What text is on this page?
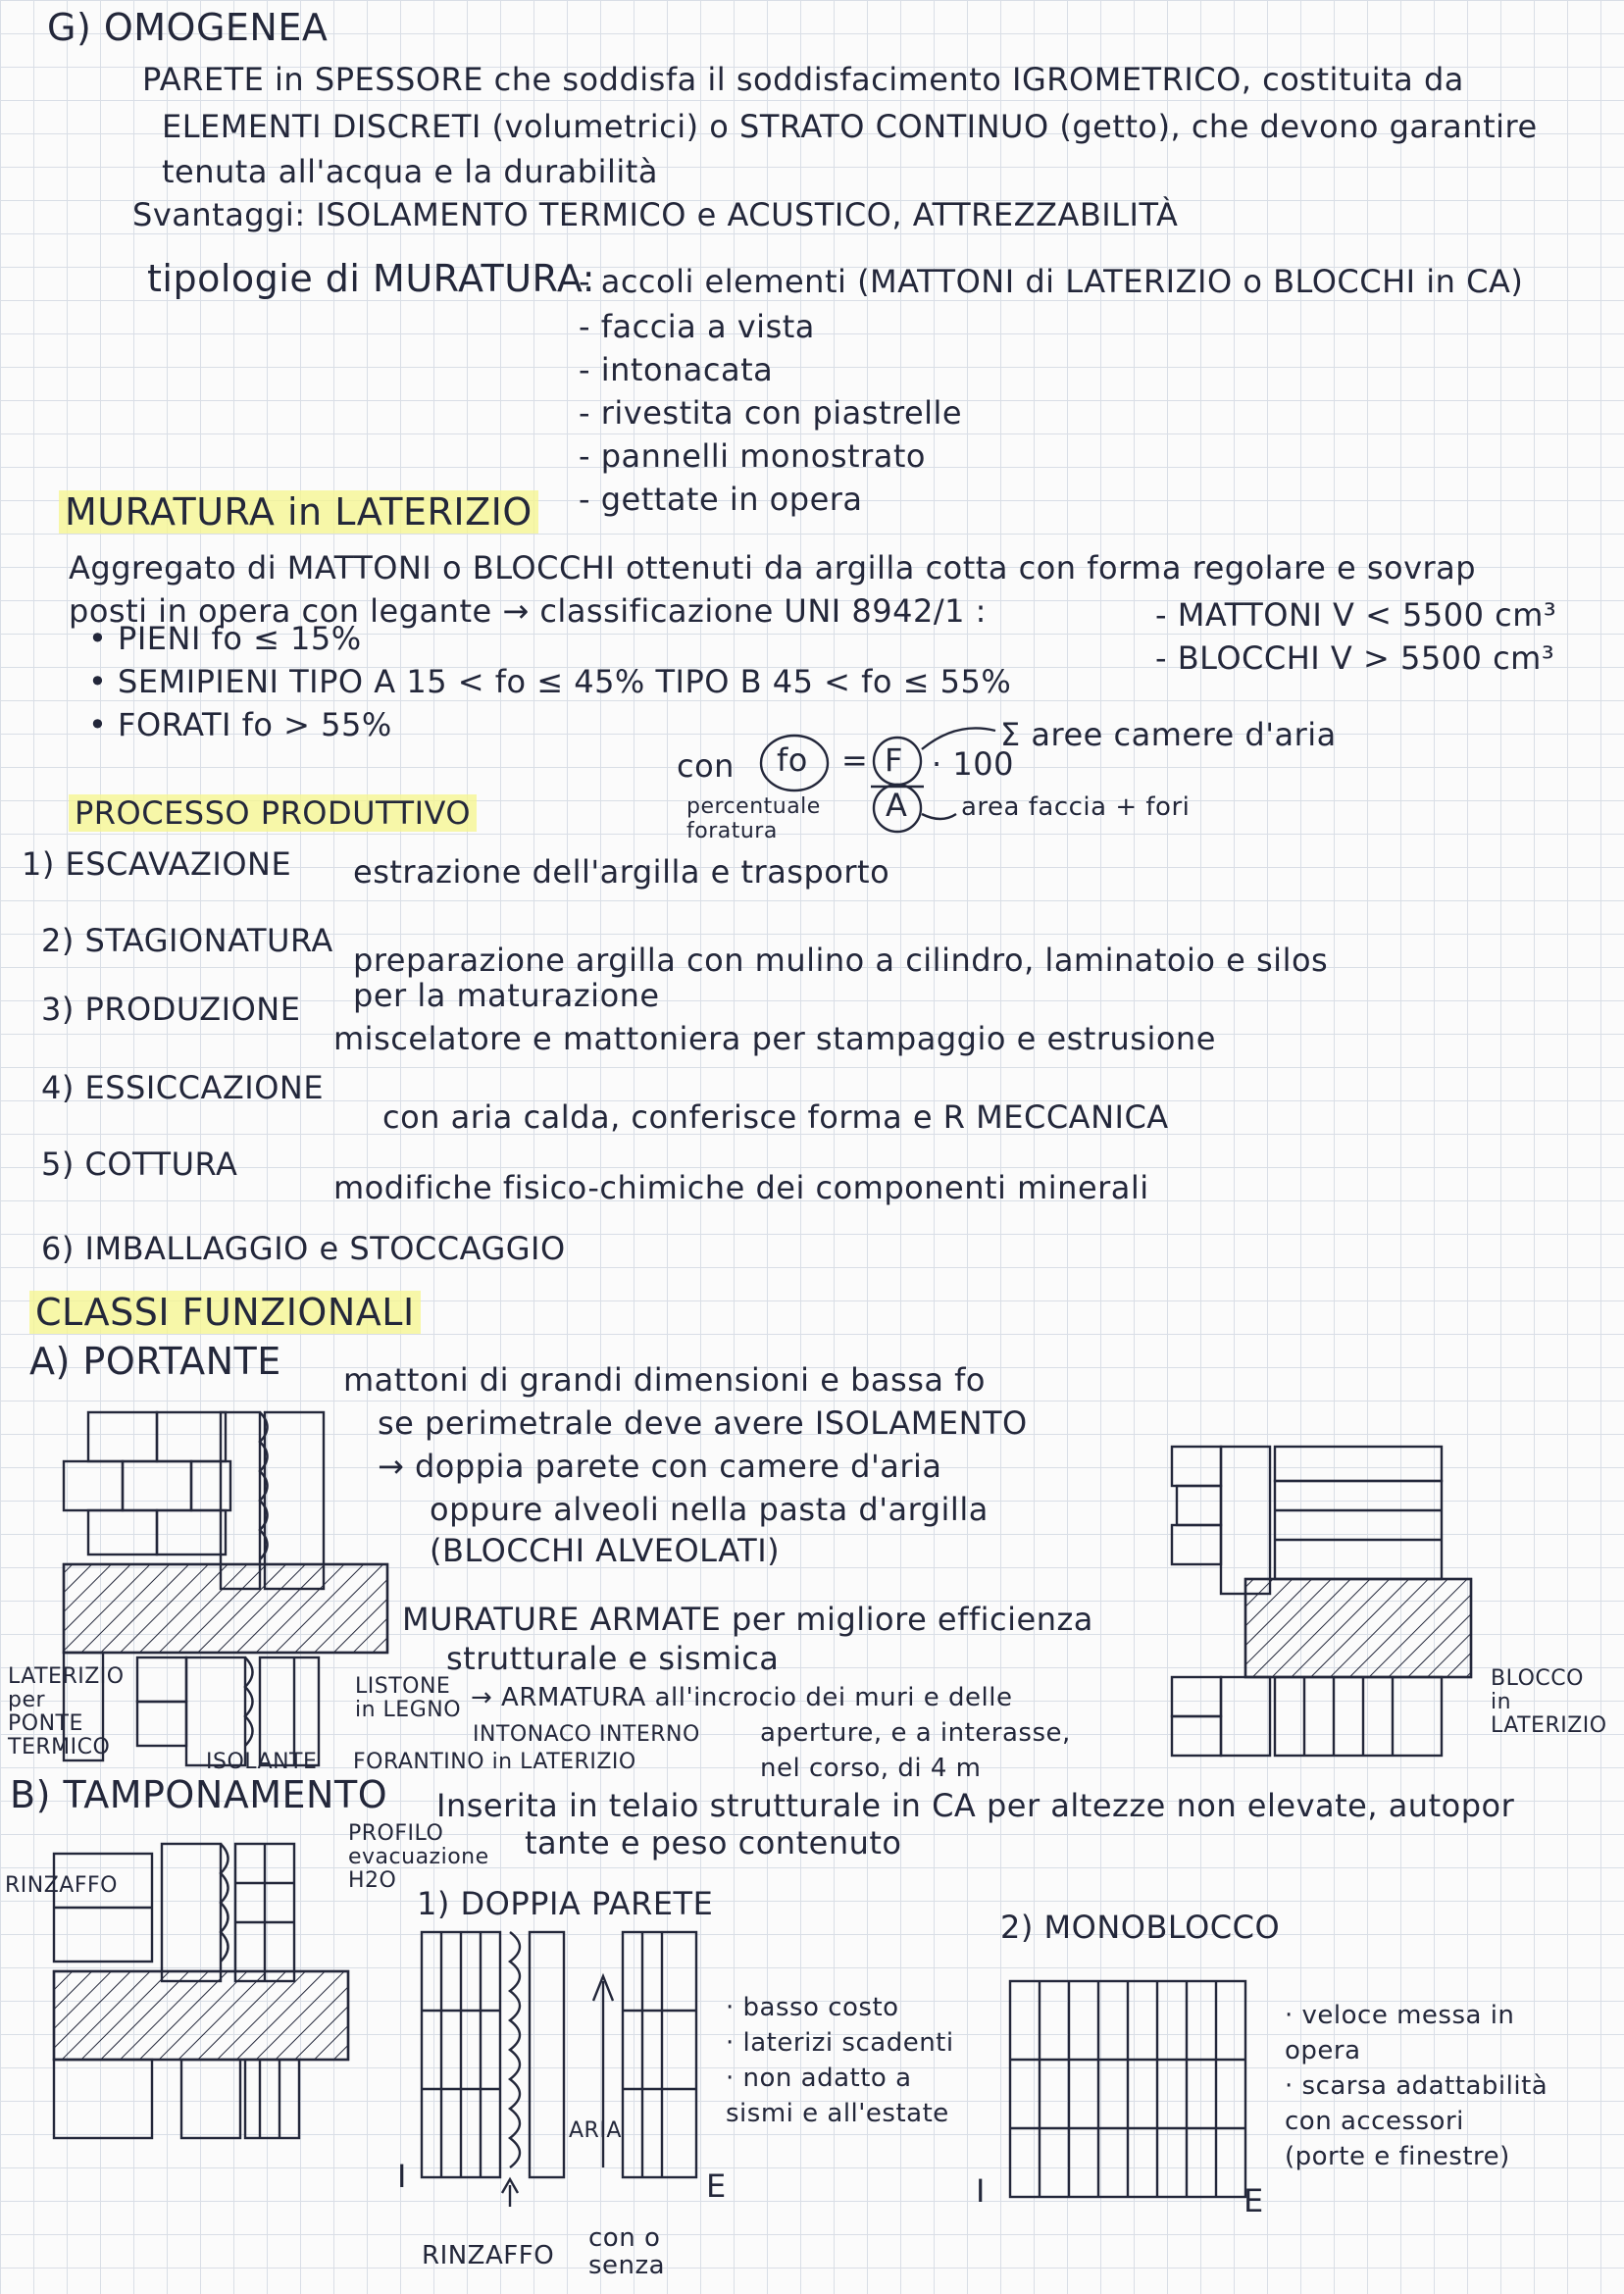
G) OMOGENEA
PARETE in SPESSORE che soddisfa il soddisfacimento IGROMETRICO, costituita da
ELEMENTI DISCRETI (volumetrici) o STRATO CONTINUO (getto), che devono garantire
tenuta all'acqua e la durabilità
Svantaggi: ISOLAMENTO TERMICO e ACUSTICO, ATTREZZABILITÀ
tipologie di MURATURA:
- accoli elementi (MATTONI di LATERIZIO o BLOCCHI in CA)
- faccia a vista
- intonacata
- rivestita con piastrelle
- pannelli monostrato
- gettate in opera
MURATURA in LATERIZIO
Aggregato di MATTONI o BLOCCHI ottenuti da argilla cotta con forma regolare e sovrap
posti in opera con legante → classificazione UNI 8942/1 :	- MATTONI V < 5500 cm³
- BLOCCHI V > 5500 cm³
• PIENI fo ≤ 15%
• SEMIPIENI TIPO A 15 < fo ≤ 45% TIPO B 45 < fo ≤ 55%
• FORATI fo > 55%
con fo = F · 100
A
Σ aree camere d'aria
area faccia + fori
percentuale foratura
PROCESSO PRODUTTIVO
1) ESCAVAZIONE estrazione dell'argilla e trasporto
2) STAGIONATURA
preparazione argilla con mulino a cilindro, laminatoio e silos
per la maturazione
3) PRODUZIONE
miscelatore e mattoniera per stampaggio e estrusione
4) ESSICCAZIONE
con aria calda, conferisce forma e R MECCANICA
5) COTTURA
modifiche fisico-chimiche dei componenti minerali
6) IMBALLAGGIO e STOCCAGGIO
CLASSI FUNZIONALI
A) PORTANTE mattoni di grandi dimensioni e bassa fo
se perimetrale deve avere ISOLAMENTO
→ doppia parete con camere d'aria
oppure alveoli nella pasta d'argilla
(BLOCCHI ALVEOLATI)
MURATURE ARMATE per migliore efficienza
strutturale e sismica
→ ARMATURA all'incrocio dei muri e delle
aperture, e a interasse,
nel corso, di 4 m
LATERIZIO per PONTE TERMICO
LISTONE in LEGNO
INTONACO INTERNO
ISOLANTE FORANTINO in LATERIZIO
BLOCCO in LATERIZIO
B) TAMPONAMENTO Inserita in telaio strutturale in CA per altezze non elevate, autopor
tante e peso contenuto
PROFILO evacuazione H2O
RINZAFFO	1) DOPPIA PARETE
2) MONOBLOCCO
I	E
ARIA
RINZAFFO
con o senza
· basso costo
· laterizi scadenti
· non adatto a
sismi e all'estate
I	E
· veloce messa in
opera
· scarsa adattabilità
con accessori
(porte e finestre)
